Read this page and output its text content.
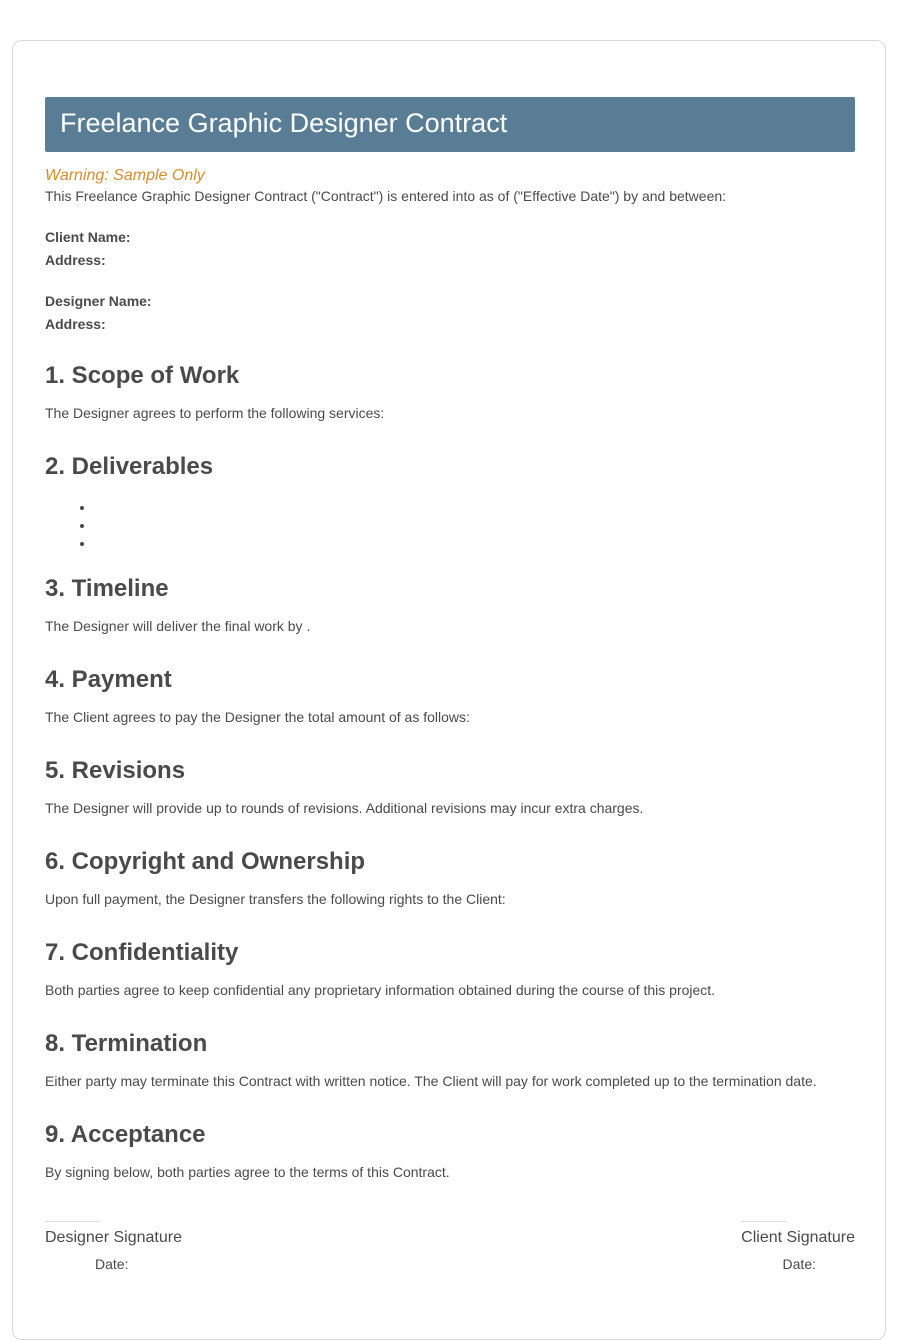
Freelance Graphic Designer Contract
Warning: Sample Only

This Freelance Graphic Designer Contract ("Contract") is entered into as of ("Effective Date") by and between:

Client Name:
Address:
Designer Name:
Address:
1. Scope of Work

The Designer agrees to perform the following services:

2. Deliverables
•
•
•
3. Timeline

The Designer will deliver the final work by .

4. Payment

The Client agrees to pay the Designer the total amount of as follows:

5. Revisions

The Designer will provide up to rounds of revisions. Additional revisions may incur extra charges.

6. Copyright and Ownership

Upon full payment, the Designer transfers the following rights to the Client:

7. Confidentiality

Both parties agree to keep confidential any proprietary information obtained during the course of this project.

8. Termination

Either party may terminate this Contract with written notice. The Client will pay for work completed up to the termination date.

9. Acceptance

By signing below, both parties agree to the terms of this Contract.

Designer Signature
Date:
Client Signature
Date:
